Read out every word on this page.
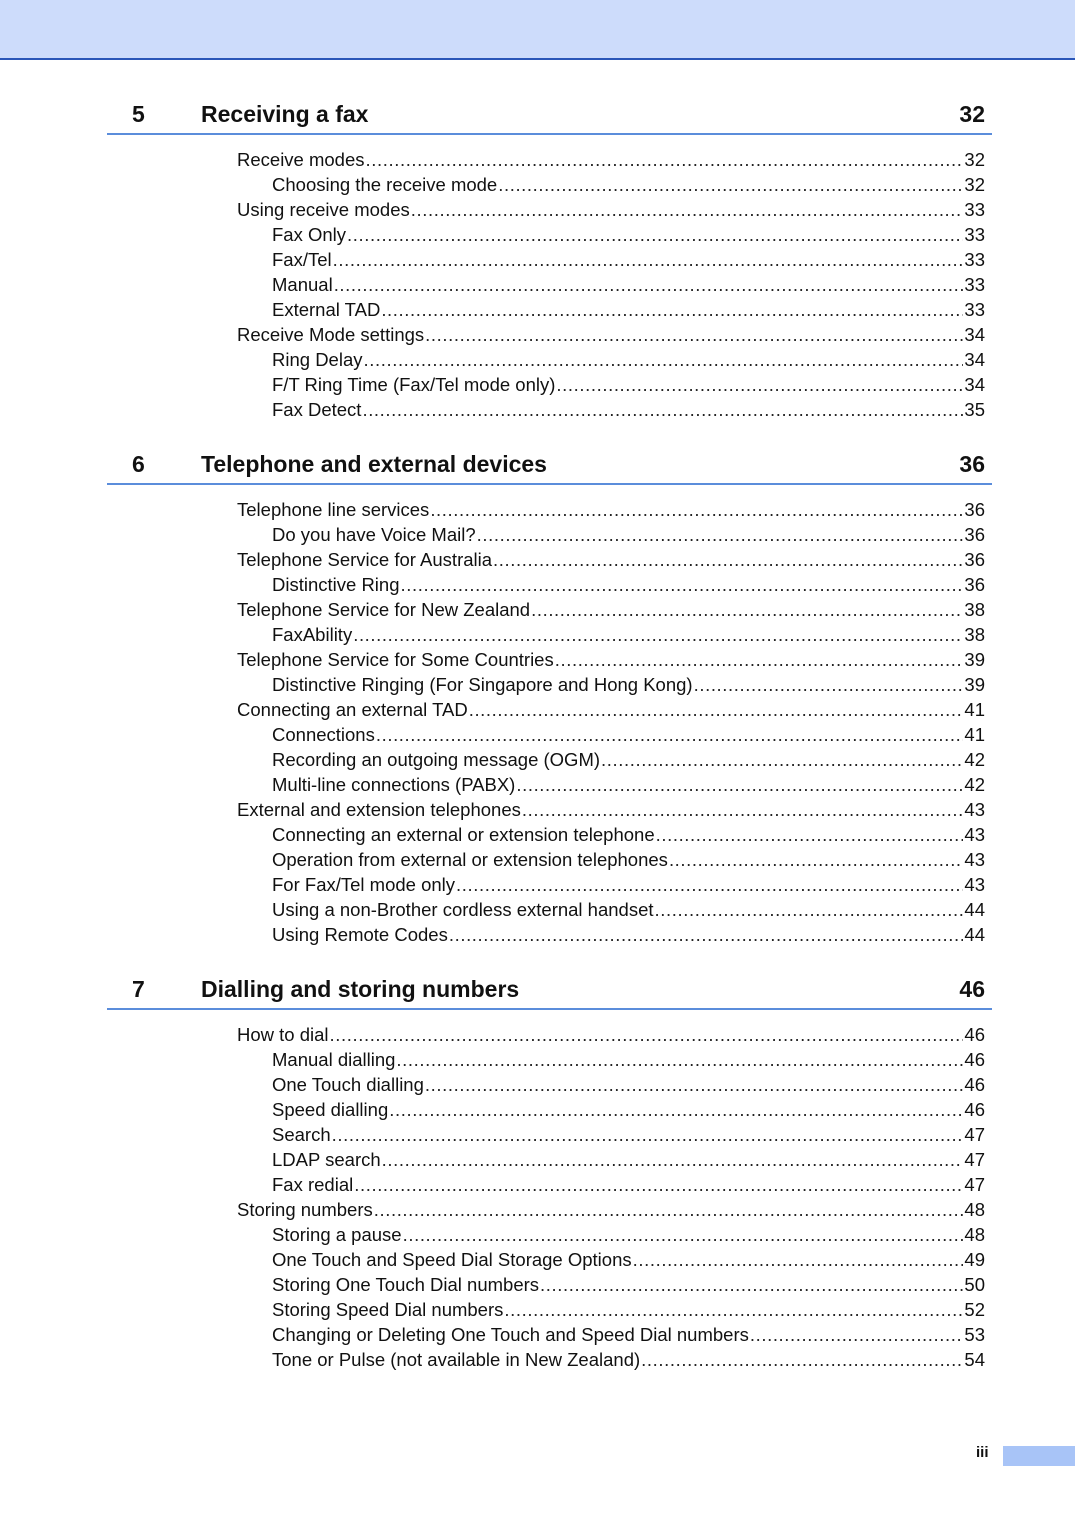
5 Receiving a fax	32
Receive modes .....	32
Choosing the receive mode .....	32
Using receive modes .....	33
Fax Only .....	33
Fax/Tel .....	33
Manual .....	33
External TAD .....	33
Receive Mode settings .....	34
Ring Delay .....	34
F/T Ring Time (Fax/Tel mode only) .....	34
Fax Detect .....	35
6 Telephone and external devices	36
Telephone line services .....	36
Do you have Voice Mail? .....	36
Telephone Service for Australia .....	36
Distinctive Ring .....	36
Telephone Service for New Zealand .....	38
FaxAbility .....	38
Telephone Service for Some Countries .....	39
Distinctive Ringing (For Singapore and Hong Kong) .....	39
Connecting an external TAD .....	41
Connections .....	41
Recording an outgoing message (OGM) .....	42
Multi-line connections (PABX) .....	42
External and extension telephones .....	43
Connecting an external or extension telephone .....	43
Operation from external or extension telephones .....	43
For Fax/Tel mode only .....	43
Using a non-Brother cordless external handset .....	44
Using Remote Codes .....	44
7 Dialling and storing numbers	46
How to dial .....	46
Manual dialling .....	46
One Touch dialling .....	46
Speed dialling .....	46
Search .....	47
LDAP search .....	47
Fax redial .....	47
Storing numbers .....	48
Storing a pause .....	48
One Touch and Speed Dial Storage Options .....	49
Storing One Touch Dial numbers .....	50
Storing Speed Dial numbers .....	52
Changing or Deleting One Touch and Speed Dial numbers .....	53
Tone or Pulse (not available in New Zealand) .....	54
iii
